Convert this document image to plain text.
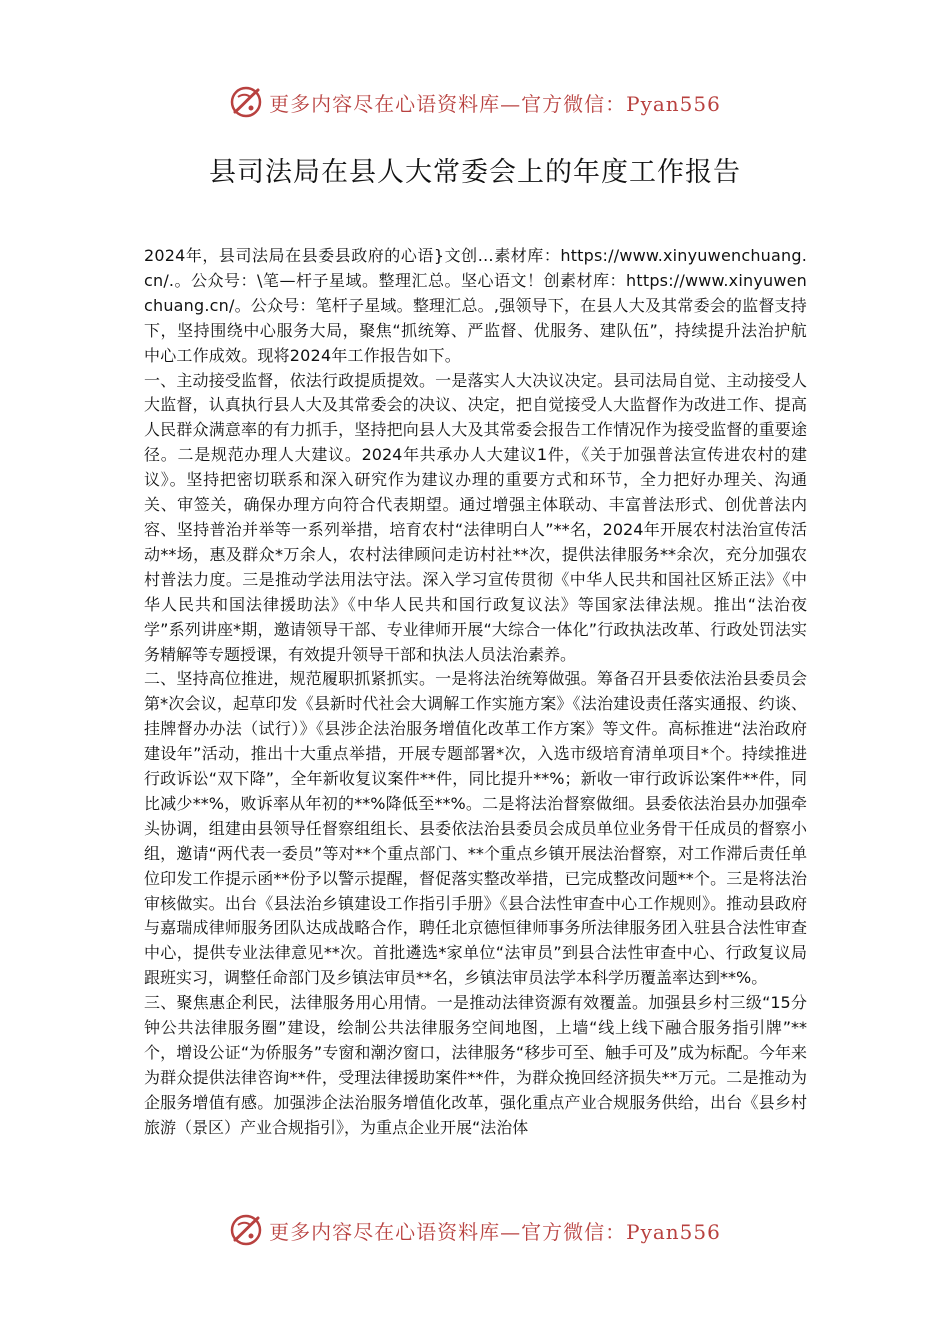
更多内容尽在心语资料库—官方微信：Pyan556
县司法局在县人大常委会上的年度工作报告

2024年，县司法局在县委县政府的心语}文创…素材库：https://www.xinyuwenchuang.cn/.。公众号：\笔—杆子星域。整理汇总。坚心语文！创素材库：https://www.xinyuwenchuang.cn/。公众号：笔杆子星域。整理汇总。,强领导下，在县人大及其常委会的监督支持下，坚持围绕中心服务大局，聚焦“抓统筹、严监督、优服务、建队伍”，持续提升法治护航中心工作成效。现将2024年工作报告如下。

一、主动接受监督，依法行政提质提效。一是落实人大决议决定。县司法局自觉、主动接受人大监督，认真执行县人大及其常委会的决议、决定，把自觉接受人大监督作为改进工作、提高人民群众满意率的有力抓手，坚持把向县人大及其常委会报告工作情况作为接受监督的重要途径。二是规范办理人大建议。2024年共承办人大建议1件，《关于加强普法宣传进农村的建议》。坚持把密切联系和深入研究作为建议办理的重要方式和环节，全力把好办理关、沟通关、审签关，确保办理方向符合代表期望。通过增强主体联动、丰富普法形式、创优普法内容、坚持普治并举等一系列举措，培育农村“法律明白人”**名，2024年开展农村法治宣传活动**场，惠及群众*万余人，农村法律顾问走访村社**次，提供法律服务**余次，充分加强农村普法力度。三是推动学法用法守法。深入学习宣传贯彻《中华人民共和国社区矫正法》《中华人民共和国法律援助法》《中华人民共和国行政复议法》等国家法律法规。推出“法治夜学”系列讲座*期，邀请领导干部、专业律师开展“大综合一体化”行政执法改革、行政处罚法实务精解等专题授课，有效提升领导干部和执法人员法治素养。

二、坚持高位推进，规范履职抓紧抓实。一是将法治统筹做强。筹备召开县委依法治县委员会第*次会议，起草印发《县新时代社会大调解工作实施方案》《法治建设责任落实通报、约谈、挂牌督办办法（试行）》《县涉企法治服务增值化改革工作方案》等文件。高标推进“法治政府建设年”活动，推出十大重点举措，开展专题部署*次，入选市级培育清单项目*个。持续推进行政诉讼“双下降”，全年新收复议案件**件，同比提升**%；新收一审行政诉讼案件**件，同比减少**%，败诉率从年初的**%降低至**%。二是将法治督察做细。县委依法治县办加强牵头协调，组建由县领导任督察组组长、县委依法治县委员会成员单位业务骨干任成员的督察小组，邀请“两代表一委员”等对**个重点部门、**个重点乡镇开展法治督察，对工作滞后责任单位印发工作提示函**份予以警示提醒，督促落实整改举措，已完成整改问题**个。三是将法治审核做实。出台《县法治乡镇建设工作指引手册》《县合法性审查中心工作规则》。推动县政府与嘉瑞成律师服务团队达成战略合作，聘任北京德恒律师事务所法律服务团入驻县合法性审查中心，提供专业法律意见**次。首批遴选*家单位“法审员”到县合法性审查中心、行政复议局跟班实习，调整任命部门及乡镇法审员**名，乡镇法审员法学本科学历覆盖率达到**%。

三、聚焦惠企利民，法律服务用心用情。一是推动法律资源有效覆盖。加强县乡村三级“15分钟公共法律服务圈”建设，绘制公共法律服务空间地图，上墙“线上线下融合服务指引牌”**个，增设公证“为侨服务”专窗和潮汐窗口，法律服务“移步可至、触手可及”成为标配。今年来为群众提供法律咨询**件，受理法律援助案件**件，为群众挽回经济损失**万元。二是推动为企服务增值有感。加强涉企法治服务增值化改革，强化重点产业合规服务供给，出台《县乡村旅游（景区）产业合规指引》，为重点企业开展“法治体

更多内容尽在心语资料库—官方微信：Pyan556
